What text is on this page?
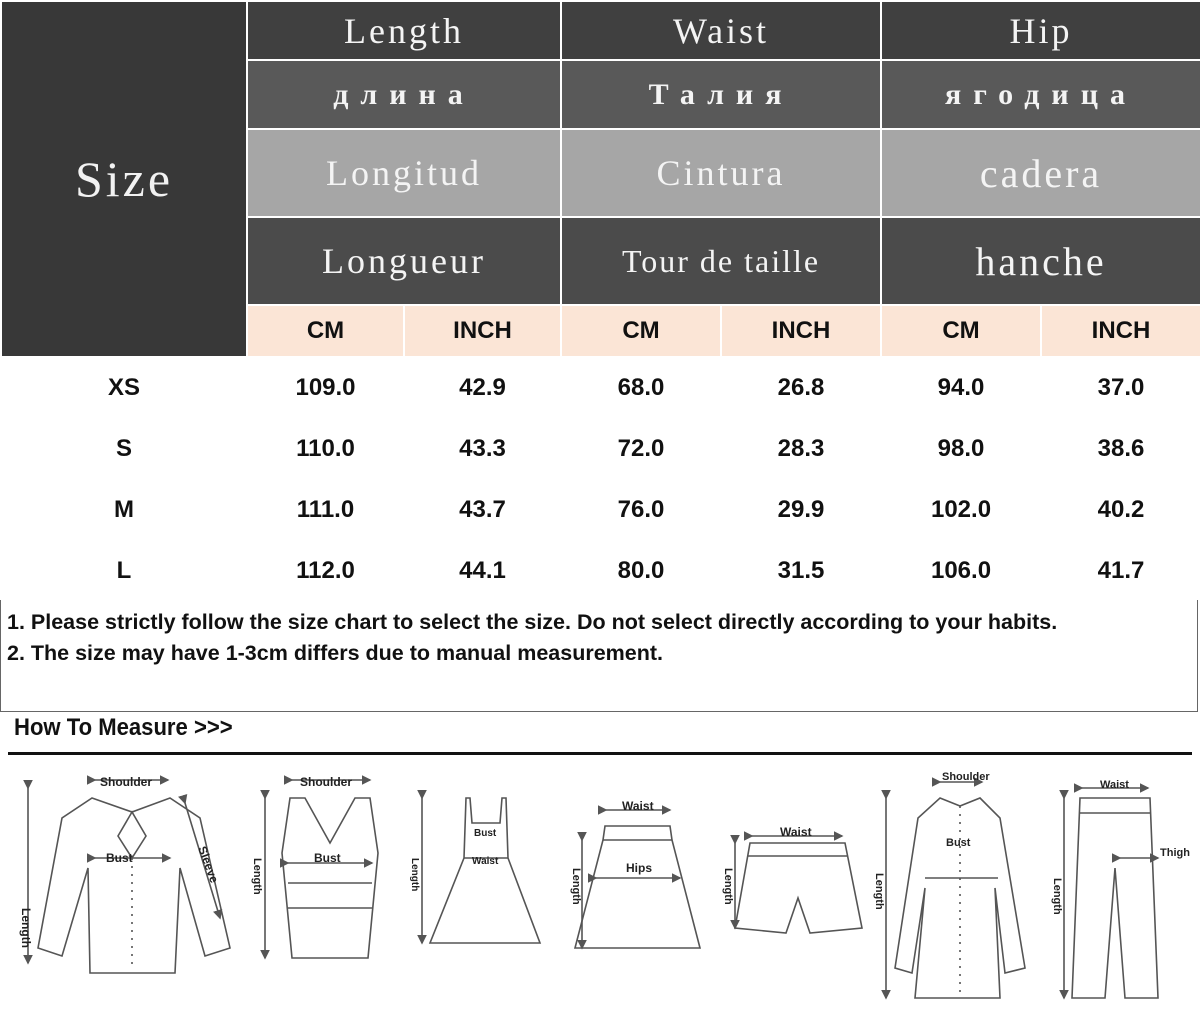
Size	Length		Waist		Hip	
	длина		Талия		ягодица	
	Longitud		Cintura		cadera	
	Longueur		Tour de taille		hanche	
	CM	INCH	CM	INCH	CM	INCH
XS	109.0	42.9	68.0	26.8	94.0	37.0
S	110.0	43.3	72.0	28.3	98.0	38.6
M	111.0	43.7	76.0	29.9	102.0	40.2
L	112.0	44.1	80.0	31.5	106.0	41.7

1. Please strictly follow the size chart to select the size. Do not select directly according to your habits.

2. The size may have 1-3cm differs due to manual measurement.

How To Measure >>>
Shoulder
Bust
Length
Sleeve
Shoulder
Bust
Length
Bust
Waist
Length
Waist
Hips
Length
Waist
Length
Shoulder
Bust
Length
Waist
Thigh
Length
